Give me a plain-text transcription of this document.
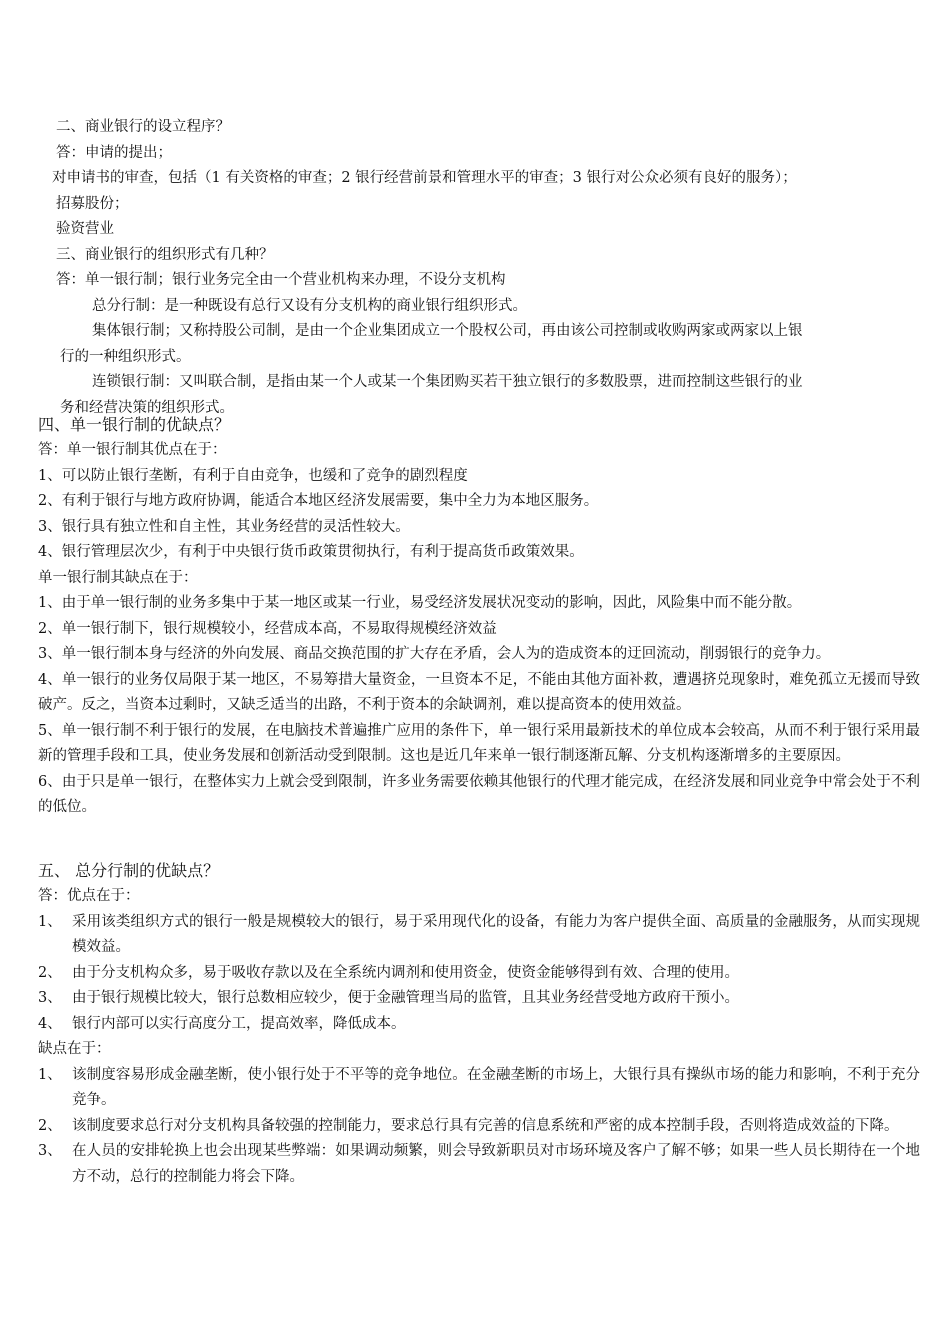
二、商业银行的设立程序？
答：申请的提出；
对申请书的审查，包括（1 有关资格的审查；2 银行经营前景和管理水平的审查；3 银行对公众必须有良好的服务）；
招募股份；
验资营业
三、商业银行的组织形式有几种？
答：单一银行制；银行业务完全由一个营业机构来办理，不设分支机构
总分行制：是一种既设有总行又设有分支机构的商业银行组织形式。
集体银行制；又称持股公司制，是由一个企业集团成立一个股权公司，再由该公司控制或收购两家或两家以上银
行的一种组织形式。
连锁银行制：又叫联合制，是指由某一个人或某一个集团购买若干独立银行的多数股票，进而控制这些银行的业
务和经营决策的组织形式。
四、单一银行制的优缺点？
答：单一银行制其优点在于：
1、可以防止银行垄断，有利于自由竞争，也缓和了竞争的剧烈程度
2、有利于银行与地方政府协调，能适合本地区经济发展需要，集中全力为本地区服务。
3、银行具有独立性和自主性，其业务经营的灵活性较大。
4、银行管理层次少，有利于中央银行货币政策贯彻执行，有利于提高货币政策效果。
单一银行制其缺点在于：
1、由于单一银行制的业务多集中于某一地区或某一行业，易受经济发展状况变动的影响，因此，风险集中而不能分散。
2、单一银行制下，银行规模较小，经营成本高，不易取得规模经济效益
3、单一银行制本身与经济的外向发展、商品交换范围的扩大存在矛盾，会人为的造成资本的迂回流动，削弱银行的竞争力。
4、单一银行的业务仅局限于某一地区，不易筹措大量资金，一旦资本不足，不能由其他方面补救，遭遇挤兑现象时，难免孤立无援而导致破产。反之，当资本过剩时，又缺乏适当的出路，不利于资本的余缺调剂，难以提高资本的使用效益。
5、单一银行制不利于银行的发展，在电脑技术普遍推广应用的条件下，单一银行采用最新技术的单位成本会较高，从而不利于银行采用最新的管理手段和工具，使业务发展和创新活动受到限制。这也是近几年来单一银行制逐渐瓦解、分支机构逐渐增多的主要原因。
6、由于只是单一银行，在整体实力上就会受到限制，许多业务需要依赖其他银行的代理才能完成，在经济发展和同业竞争中常会处于不利的低位。
五、 总分行制的优缺点？
答：优点在于：
1、 采用该类组织方式的银行一般是规模较大的银行，易于采用现代化的设备，有能力为客户提供全面、高质量的金融服务，从而实现规模效益。
2、 由于分支机构众多，易于吸收存款以及在全系统内调剂和使用资金，使资金能够得到有效、合理的使用。
3、 由于银行规模比较大，银行总数相应较少，便于金融管理当局的监管，且其业务经营受地方政府干预小。
4、 银行内部可以实行高度分工，提高效率，降低成本。
缺点在于：
1、 该制度容易形成金融垄断，使小银行处于不平等的竞争地位。在金融垄断的市场上，大银行具有操纵市场的能力和影响，不利于充分竞争。
2、 该制度要求总行对分支机构具备较强的控制能力，要求总行具有完善的信息系统和严密的成本控制手段，否则将造成效益的下降。
3、 在人员的安排轮换上也会出现某些弊端：如果调动频繁，则会导致新职员对市场环境及客户了解不够；如果一些人员长期待在一个地方不动，总行的控制能力将会下降。
